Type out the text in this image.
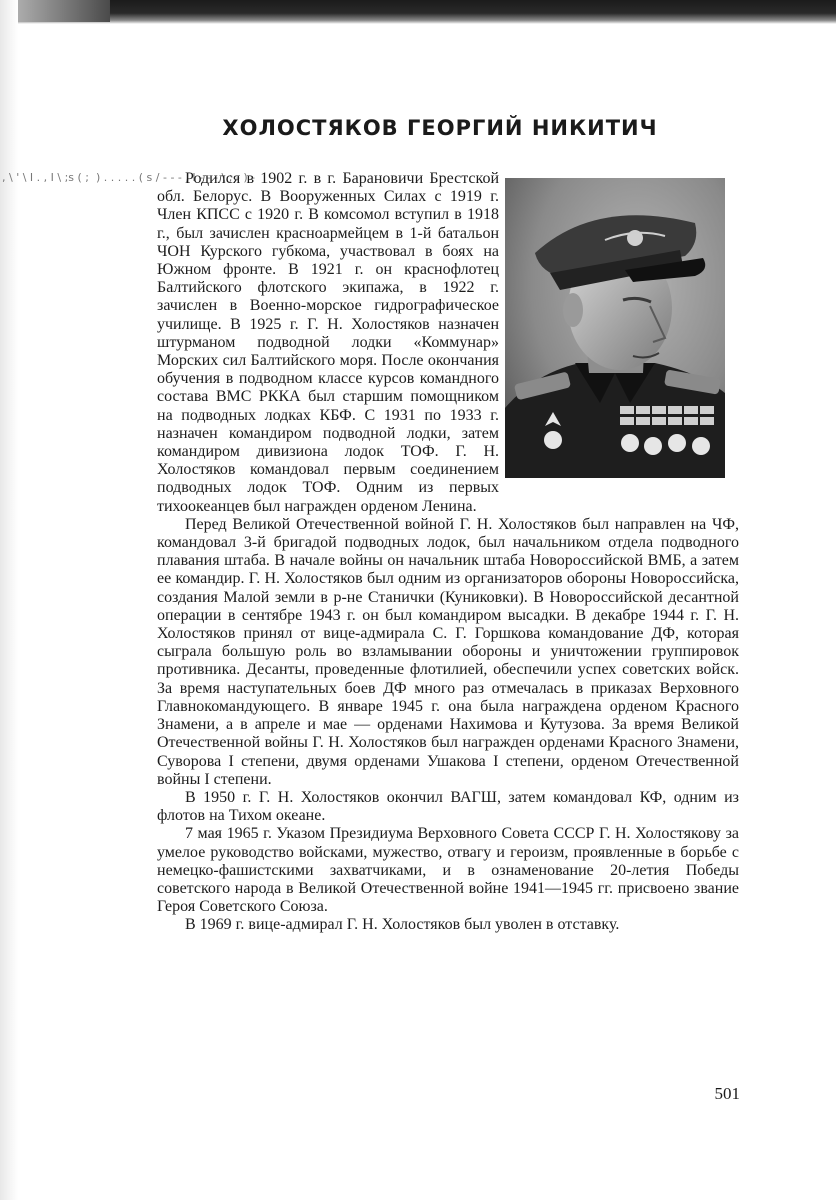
, \ ' \ I . , I \ ;s ( ;  ) . . . . . ( s / - - - , I - - - \ ; - ) -
ХОЛОСТЯКОВ ГЕОРГИЙ НИКИТИЧ

Родился в 1902 г. в г. Барановичи Брестской обл. Белорус. В Вооруженных Силах с 1919 г. Член КПСС с 1920 г. В комсомол вступил в 1918 г., был зачислен красноармейцем в 1-й батальон ЧОН Курского губкома, участвовал в боях на Южном фронте. В 1921 г. он краснофлотец Балтийского флотского экипажа, в 1922 г. зачислен в Военно-морское гидрографическое училище. В 1925 г. Г. Н. Холостяков назначен штурманом подводной лодки «Коммунар» Морских сил Балтийского моря. После окончания обучения в подводном классе курсов командного состава ВМС РККА был старшим помощником на подводных лодках КБФ. С 1931 по 1933 г. назначен командиром подводной лодки, затем командиром дивизиона лодок ТОФ. Г. Н. Холостяков командовал первым соединением подводных лодок ТОФ. Одним из первых тихоокеанцев был награжден орденом Ленина.

Перед Великой Отечественной войной Г. Н. Холостяков был направлен на ЧФ, командовал 3-й бригадой подводных лодок, был начальником отдела подводного плавания штаба. В начале войны он начальник штаба Новороссийской ВМБ, а затем ее командир. Г. Н. Холостяков был одним из организаторов обороны Новороссийска, создания Малой земли в р-не Станички (Куниковки). В Новороссийской десантной операции в сентябре 1943 г. он был командиром высадки. В декабре 1944 г. Г. Н. Холостяков принял от вице-адмирала С. Г. Горшкова командование ДФ, которая сыграла большую роль во взламывании обороны и уничтожении группировок противника. Десанты, проведенные флотилией, обеспечили успех советских войск. За время наступательных боев ДФ много раз отмечалась в приказах Верховного Главнокомандующего. В январе 1945 г. она была награждена орденом Красного Знамени, а в апреле и мае — орденами Нахимова и Кутузова. За время Великой Отечественной войны Г. Н. Холостяков был награжден орденами Красного Знамени, Суворова I степени, двумя орденами Ушакова I степени, орденом Отечественной войны I степени.

В 1950 г. Г. Н. Холостяков окончил ВАГШ, затем командовал КФ, одним из флотов на Тихом океане.

7 мая 1965 г. Указом Президиума Верховного Совета СССР Г. Н. Холостякову за умелое руководство войсками, мужество, отвагу и героизм, проявленные в борьбе с немецко-фашистскими захватчиками, и в ознаменование 20-летия Победы советского народа в Великой Отечественной войне 1941—1945 гг. присвоено звание Героя Советского Союза.

В 1969 г. вице-адмирал Г. Н. Холостяков был уволен в отставку.

501
